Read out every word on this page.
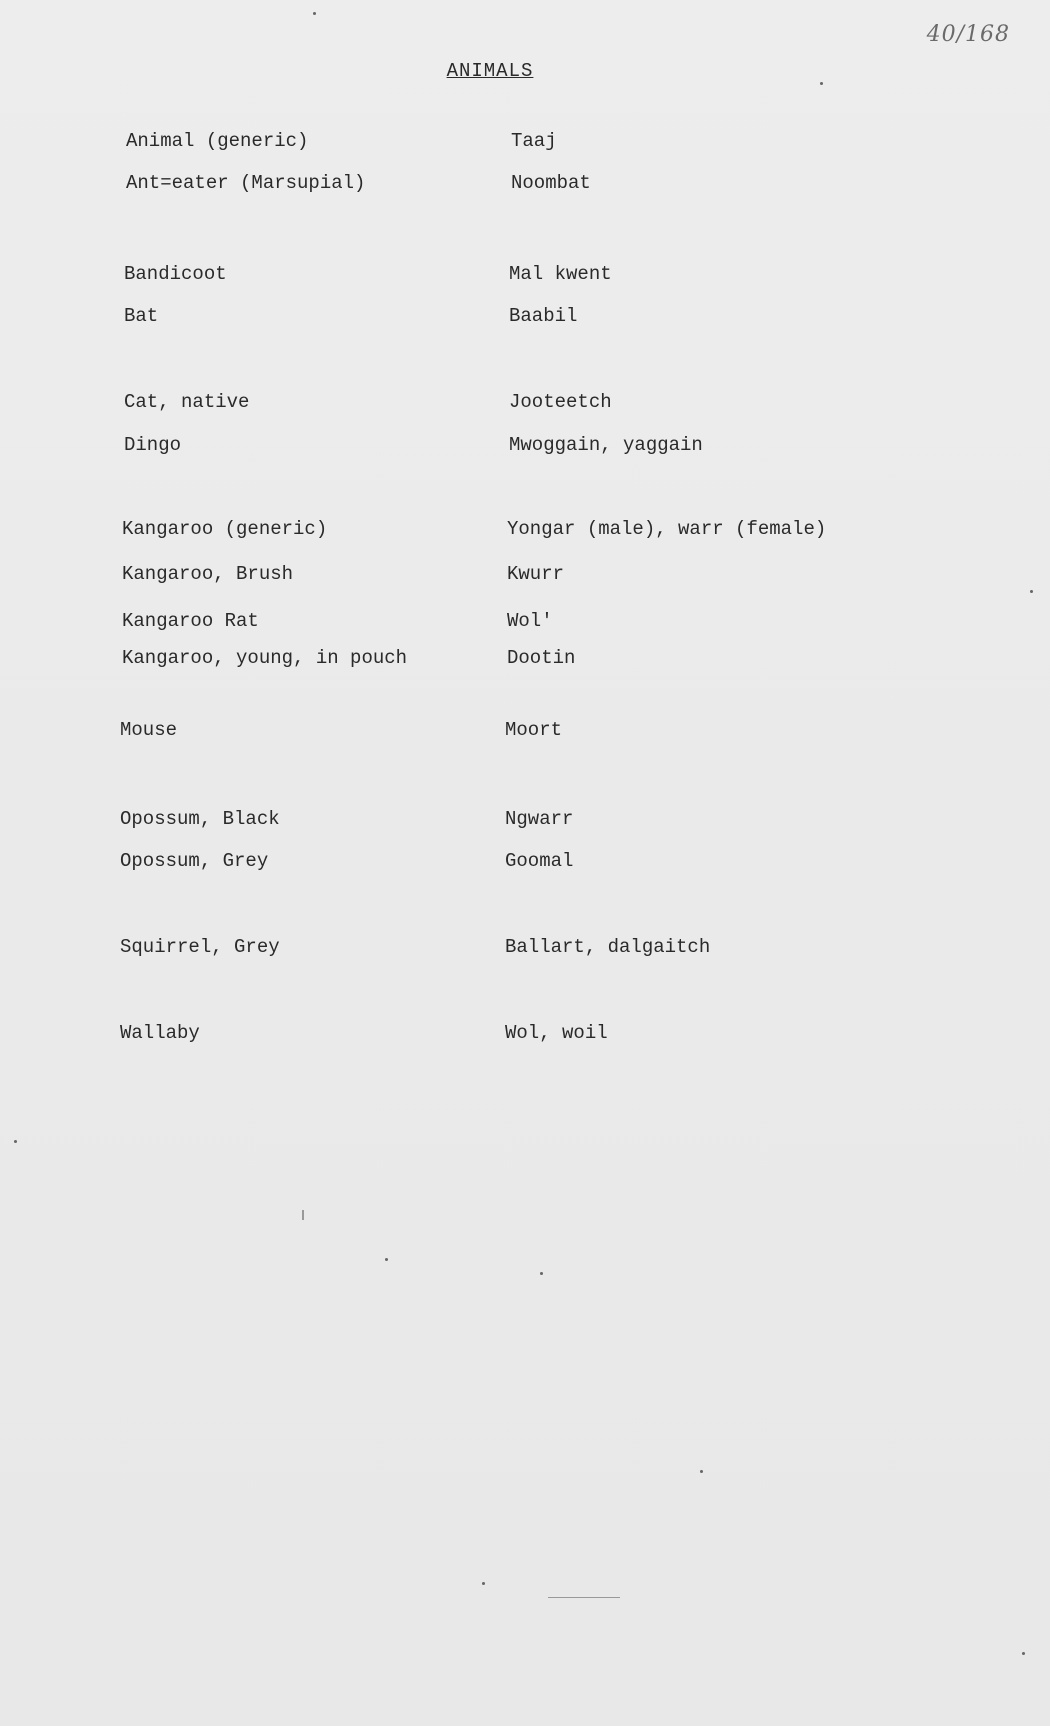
40/168
ANIMALS
Animal (generic)	Taaj
Ant=eater (Marsupial)	Noombat
Bandicoot	Mal kwent
Bat	Baabil
Cat, native	Jooteetch
Dingo	Mwoggain, yaggain
Kangaroo (generic)	Yongar (male), warr (female)
Kangaroo, Brush	Kwurr
Kangaroo Rat	Wol'
Kangaroo, young, in pouch	Dootin
Mouse	Moort
Opossum, Black	Ngwarr
Opossum, Grey	Goomal
Squirrel, Grey	Ballart, dalgaitch
Wallaby	Wol, woil
